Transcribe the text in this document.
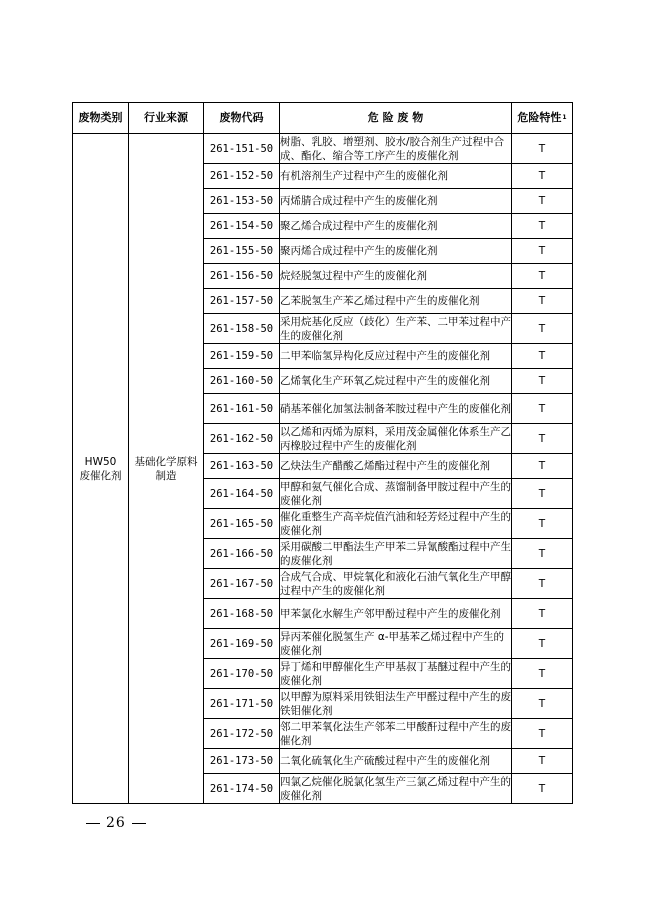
废物类别	行业来源	废物代码	危 险 废 物	危险特性$^1$

HW50
废催化剂	基础化学原料制造	261-151-50	树脂、乳胶、增塑剂、胶水/胶合剂生产过程中合成、酯化、缩合等工序产生的废催化剂	T
		261-152-50	有机溶剂生产过程中产生的废催化剂	T
		261-153-50	丙烯腈合成过程中产生的废催化剂	T
		261-154-50	聚乙烯合成过程中产生的废催化剂	T
		261-155-50	聚丙烯合成过程中产生的废催化剂	T
		261-156-50	烷烃脱氢过程中产生的废催化剂	T
		261-157-50	乙苯脱氢生产苯乙烯过程中产生的废催化剂	T
		261-158-50	采用烷基化反应（歧化）生产苯、二甲苯过程中产生的废催化剂	T
		261-159-50	二甲苯临氢异构化反应过程中产生的废催化剂	T
		261-160-50	乙烯氧化生产环氧乙烷过程中产生的废催化剂	T
		261-161-50	硝基苯催化加氢法制备苯胺过程中产生的废催化剂	T
		261-162-50	以乙烯和丙烯为原料，采用茂金属催化体系生产乙丙橡胶过程中产生的废催化剂	T
		261-163-50	乙炔法生产醋酸乙烯酯过程中产生的废催化剂	T
		261-164-50	甲醇和氨气催化合成、蒸馏制备甲胺过程中产生的废催化剂	T
		261-165-50	催化重整生产高辛烷值汽油和轻芳烃过程中产生的废催化剂	T
		261-166-50	采用碳酸二甲酯法生产甲苯二异氰酸酯过程中产生的废催化剂	T
		261-167-50	合成气合成、甲烷氧化和液化石油气氧化生产甲醇过程中产生的废催化剂	T
		261-168-50	甲苯氯化水解生产邻甲酚过程中产生的废催化剂	T
		261-169-50	异丙苯催化脱氢生产 α-甲基苯乙烯过程中产生的废催化剂	T
		261-170-50	异丁烯和甲醇催化生产甲基叔丁基醚过程中产生的废催化剂	T
		261-171-50	以甲醇为原料采用铁钼法生产甲醛过程中产生的废铁钼催化剂	T
		261-172-50	邻二甲苯氧化法生产邻苯二甲酸酐过程中产生的废催化剂	T
		261-173-50	二氧化硫氧化生产硫酸过程中产生的废催化剂	T
		261-174-50	四氯乙烷催化脱氯化氢生产三氯乙烯过程中产生的废催化剂	T
26
